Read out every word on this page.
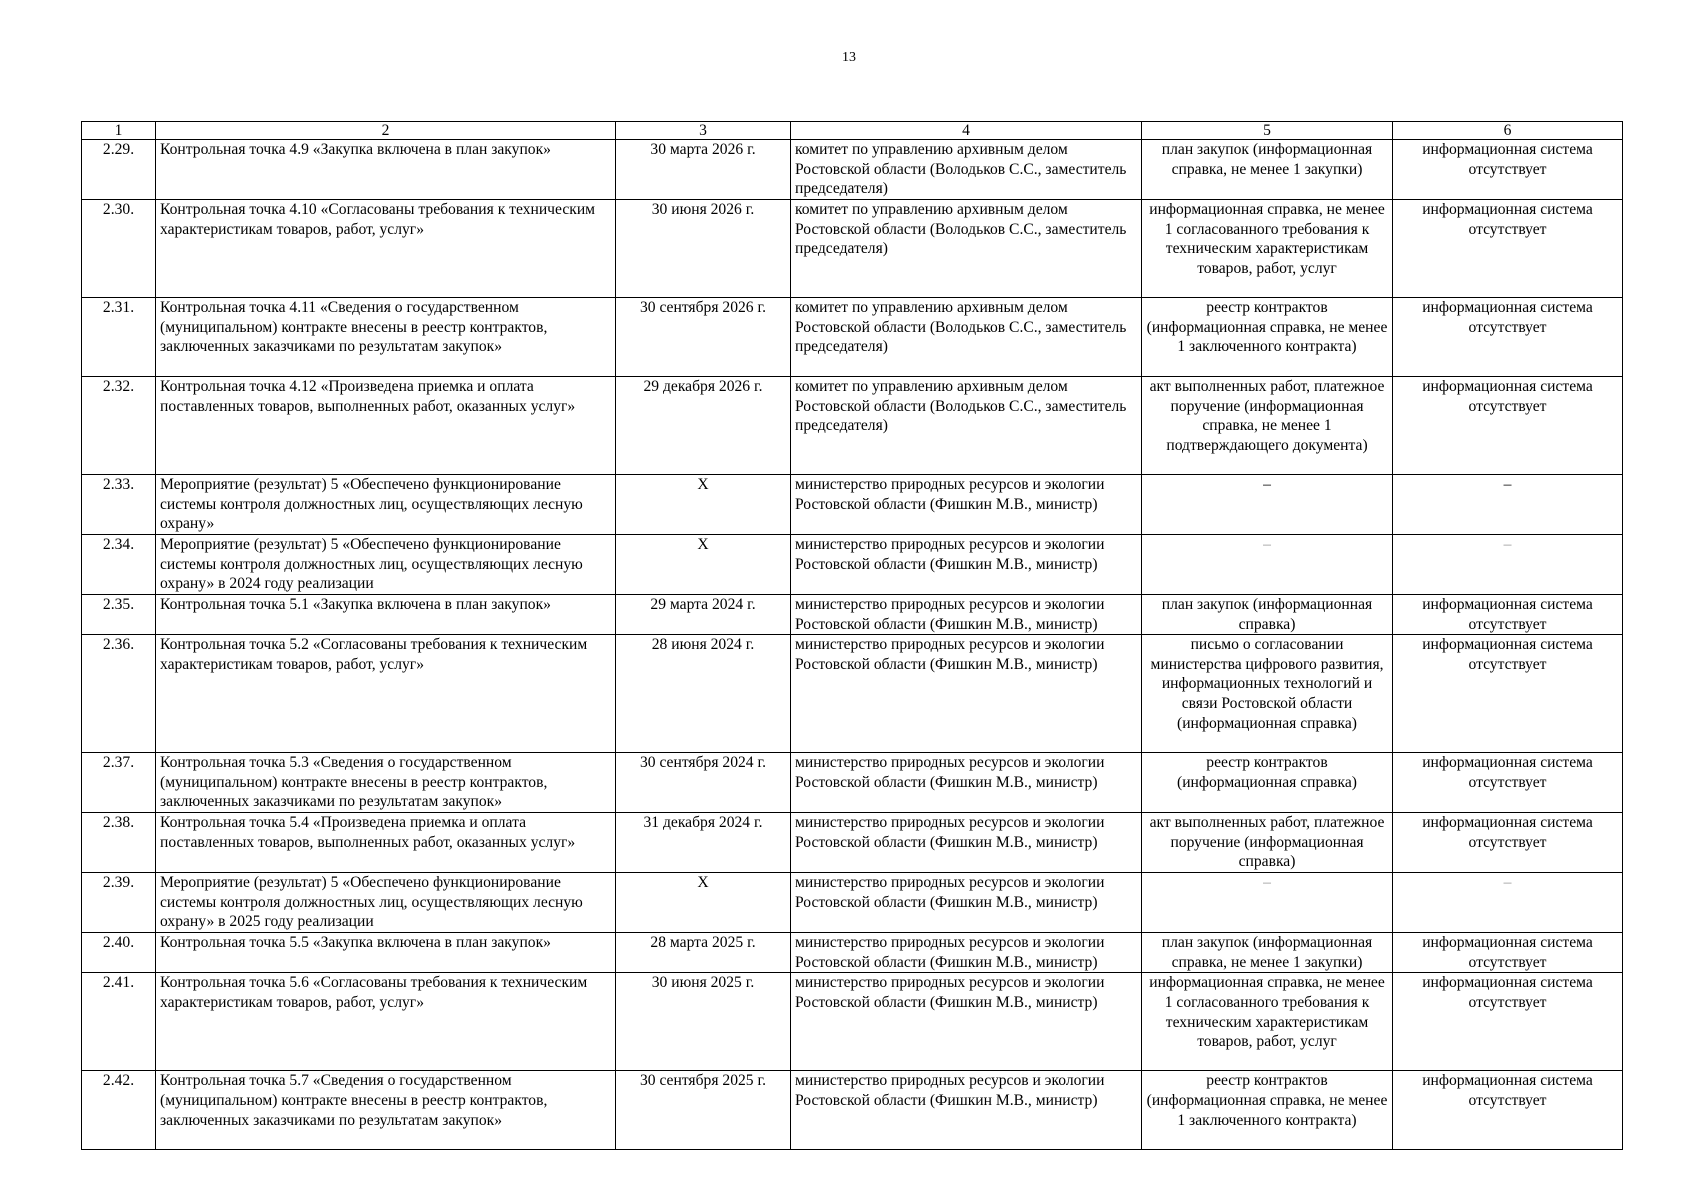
13
1	2	3	4	5	6
2.29.	Контрольная точка 4.9 «Закупка включена в план закупок»	30 марта 2026 г.	комитет по управлению архивным делом Ростовской области (Володьков С.С., заместитель председателя)	план закупок (информационная справка, не менее 1 закупки)	информационная система отсутствует
2.30.	Контрольная точка 4.10 «Согласованы требования к техническим характеристикам товаров, работ, услуг»	30 июня 2026 г.	комитет по управлению архивным делом Ростовской области (Володьков С.С., заместитель председателя)	информационная справка, не менее 1 согласованного требования к техническим характеристикам товаров, работ, услуг	информационная система отсутствует
2.31.	Контрольная точка 4.11 «Сведения о государственном (муниципальном) контракте внесены в реестр контрактов, заключенных заказчиками по результатам закупок»	30 сентября 2026 г.	комитет по управлению архивным делом Ростовской области (Володьков С.С., заместитель председателя)	реестр контрактов (информационная справка, не менее 1 заключенного контракта)	информационная система отсутствует
2.32.	Контрольная точка 4.12 «Произведена приемка и оплата поставленных товаров, выполненных работ, оказанных услуг»	29 декабря 2026 г.	комитет по управлению архивным делом Ростовской области (Володьков С.С., заместитель председателя)	акт выполненных работ, платежное поручение (информационная справка, не менее 1 подтверждающего документа)	информационная система отсутствует
2.33.	Мероприятие (результат) 5 «Обеспечено функционирование системы контроля должностных лиц, осуществляющих лесную охрану»	Х	министерство природных ресурсов и экологии Ростовской области (Фишкин М.В., министр)	–	–
2.34.	Мероприятие (результат) 5 «Обеспечено функционирование системы контроля должностных лиц, осуществляющих лесную охрану» в 2024 году реализации	Х	министерство природных ресурсов и экологии Ростовской области (Фишкин М.В., министр)	–	–
2.35.	Контрольная точка 5.1 «Закупка включена в план закупок»	29 марта 2024 г.	министерство природных ресурсов и экологии Ростовской области (Фишкин М.В., министр)	план закупок (информационная справка)	информационная система отсутствует
2.36.	Контрольная точка 5.2 «Согласованы требования к техническим характеристикам товаров, работ, услуг»	28 июня 2024 г.	министерство природных ресурсов и экологии Ростовской области (Фишкин М.В., министр)	письмо о согласовании министерства цифрового развития, информационных технологий и связи Ростовской области (информационная справка)	информационная система отсутствует
2.37.	Контрольная точка 5.3 «Сведения о государственном (муниципальном) контракте внесены в реестр контрактов, заключенных заказчиками по результатам закупок»	30 сентября 2024 г.	министерство природных ресурсов и экологии Ростовской области (Фишкин М.В., министр)	реестр контрактов (информационная справка)	информационная система отсутствует
2.38.	Контрольная точка 5.4 «Произведена приемка и оплата поставленных товаров, выполненных работ, оказанных услуг»	31 декабря 2024 г.	министерство природных ресурсов и экологии Ростовской области (Фишкин М.В., министр)	акт выполненных работ, платежное поручение (информационная справка)	информационная система отсутствует
2.39.	Мероприятие (результат) 5 «Обеспечено функционирование системы контроля должностных лиц, осуществляющих лесную охрану» в 2025 году реализации	Х	министерство природных ресурсов и экологии Ростовской области (Фишкин М.В., министр)	–	–
2.40.	Контрольная точка 5.5 «Закупка включена в план закупок»	28 марта 2025 г.	министерство природных ресурсов и экологии Ростовской области (Фишкин М.В., министр)	план закупок (информационная справка, не менее 1 закупки)	информационная система отсутствует
2.41.	Контрольная точка 5.6 «Согласованы требования к техническим характеристикам товаров, работ, услуг»	30 июня 2025 г.	министерство природных ресурсов и экологии Ростовской области (Фишкин М.В., министр)	информационная справка, не менее 1 согласованного требования к техническим характеристикам товаров, работ, услуг	информационная система отсутствует
2.42.	Контрольная точка 5.7 «Сведения о государственном (муниципальном) контракте внесены в реестр контрактов, заключенных заказчиками по результатам закупок»	30 сентября 2025 г.	министерство природных ресурсов и экологии Ростовской области (Фишкин М.В., министр)	реестр контрактов (информационная справка, не менее 1 заключенного контракта)	информационная система отсутствует
